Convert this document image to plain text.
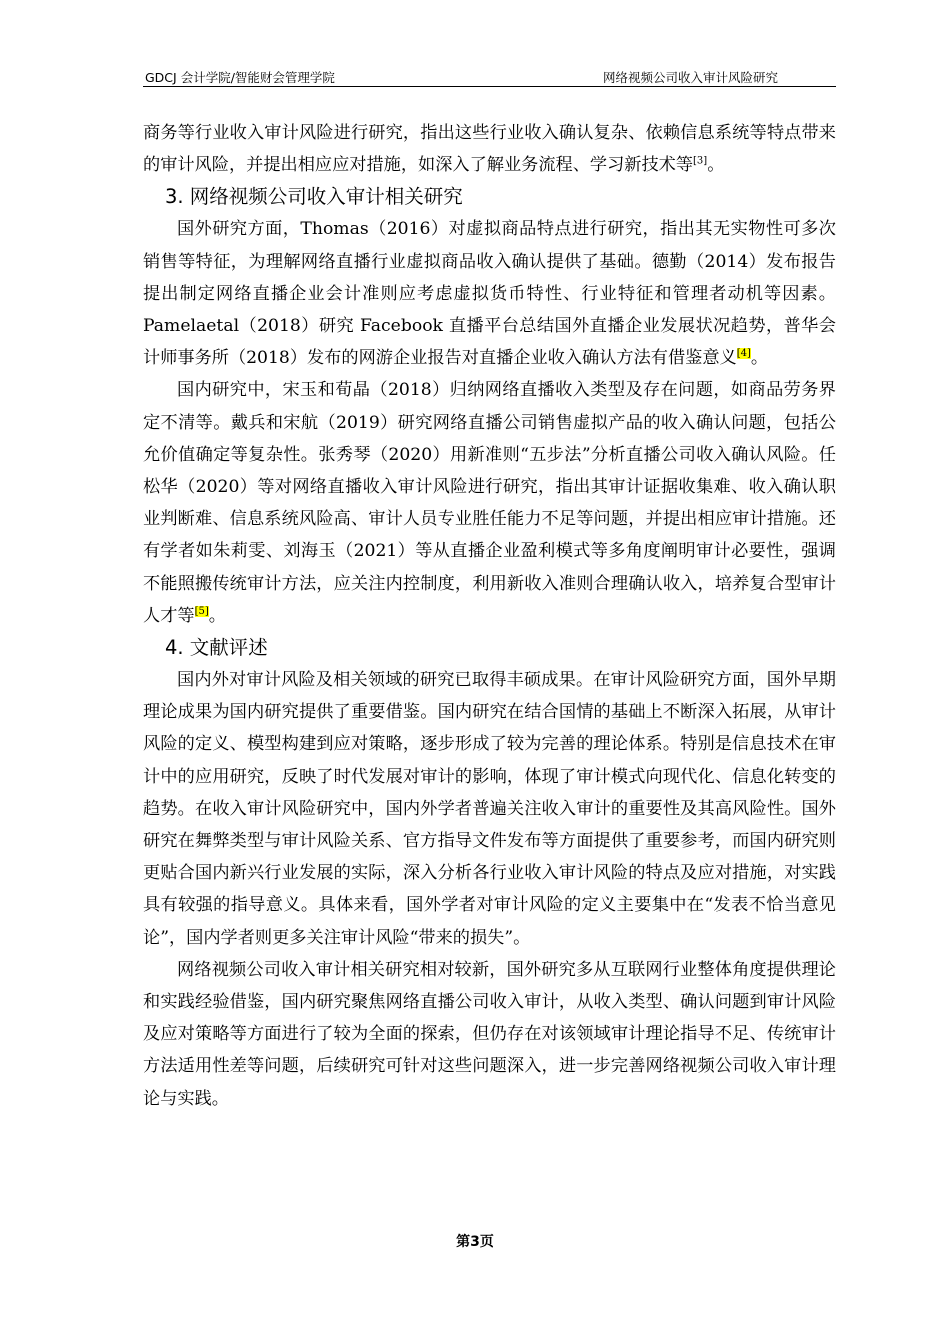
GDCJ 会计学院/智能财会管理学院	网络视频公司收入审计风险研究

商务等行业收入审计风险进行研究，指出这些行业收入确认复杂、依赖信息系统等特点带来的审计风险，并提出相应应对措施，如深入了解业务流程、学习新技术等[3]。

3. 网络视频公司收入审计相关研究

国外研究方面，Thomas（2016）对虚拟商品特点进行研究，指出其无实物性可多次销售等特征，为理解网络直播行业虚拟商品收入确认提供了基础。德勤（2014）发布报告提出制定网络直播企业会计准则应考虑虚拟货币特性、行业特征和管理者动机等因素。Pamelaetal（2018）研究 Facebook 直播平台总结国外直播企业发展状况趋势，普华会计师事务所（2018）发布的网游企业报告对直播企业收入确认方法有借鉴意义[4]。

国内研究中，宋玉和荀晶（2018）归纳网络直播收入类型及存在问题，如商品劳务界定不清等。戴兵和宋航（2019）研究网络直播公司销售虚拟产品的收入确认问题，包括公允价值确定等复杂性。张秀琴（2020）用新准则“五步法”分析直播公司收入确认风险。任松华（2020）等对网络直播收入审计风险进行研究，指出其审计证据收集难、收入确认职业判断难、信息系统风险高、审计人员专业胜任能力不足等问题，并提出相应审计措施。还有学者如朱莉雯、刘海玉（2021）等从直播企业盈利模式等多角度阐明审计必要性，强调不能照搬传统审计方法，应关注内控制度，利用新收入准则合理确认收入，培养复合型审计人才等[5]。

4. 文献评述

国内外对审计风险及相关领域的研究已取得丰硕成果。在审计风险研究方面，国外早期理论成果为国内研究提供了重要借鉴。国内研究在结合国情的基础上不断深入拓展，从审计风险的定义、模型构建到应对策略，逐步形成了较为完善的理论体系。特别是信息技术在审计中的应用研究，反映了时代发展对审计的影响，体现了审计模式向现代化、信息化转变的趋势。在收入审计风险研究中，国内外学者普遍关注收入审计的重要性及其高风险性。国外研究在舞弊类型与审计风险关系、官方指导文件发布等方面提供了重要参考，而国内研究则更贴合国内新兴行业发展的实际，深入分析各行业收入审计风险的特点及应对措施，对实践具有较强的指导意义。具体来看，国外学者对审计风险的定义主要集中在“发表不恰当意见论”，国内学者则更多关注审计风险“带来的损失”。

网络视频公司收入审计相关研究相对较新，国外研究多从互联网行业整体角度提供理论和实践经验借鉴，国内研究聚焦网络直播公司收入审计，从收入类型、确认问题到审计风险及应对策略等方面进行了较为全面的探索，但仍存在对该领域审计理论指导不足、传统审计方法适用性差等问题，后续研究可针对这些问题深入，进一步完善网络视频公司收入审计理论与实践。

第3页
